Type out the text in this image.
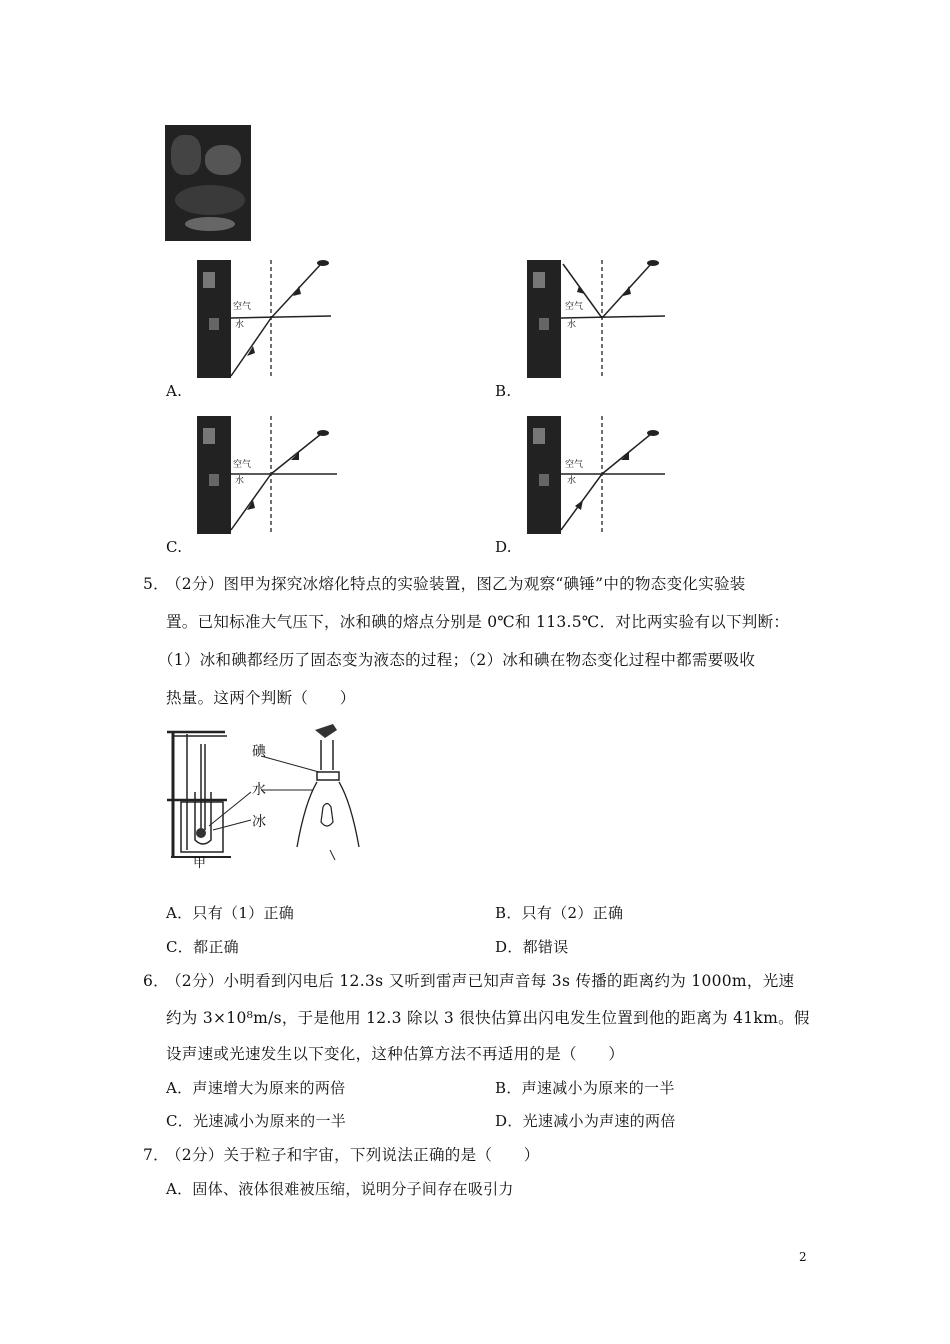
空气
水
A.
空气
水
B.
空气
水
C.
空气
水
D.
5．
（2分）图甲为探究冰熔化特点的实验装置，图乙为观察“碘锤”中的物态变化实验装
置。已知标准大气压下，冰和碘的熔点分别是 0℃和 113.5℃．对比两实验有以下判断：
（1）冰和碘都经历了固态变为液态的过程；（2）冰和碘在物态变化过程中都需要吸收
热量。这两个判断（　　）
碘
水
冰
甲
A．只有（1）正确	B．只有（2）正确
C．都正确	D．都错误
6．
（2分）小明看到闪电后 12.3s 又听到雷声已知声音每 3s 传播的距离约为 1000m，光速
约为 3×10⁸m/s，于是他用 12.3 除以 3 很快估算出闪电发生位置到他的距离为 41km。假
设声速或光速发生以下变化，这种估算方法不再适用的是（　　）
A．声速增大为原来的两倍	B．声速减小为原来的一半
C．光速减小为原来的一半	D．光速减小为声速的两倍
7．
（2分）关于粒子和宇宙，下列说法正确的是（　　）
A．固体、液体很难被压缩，说明分子间存在吸引力
2
